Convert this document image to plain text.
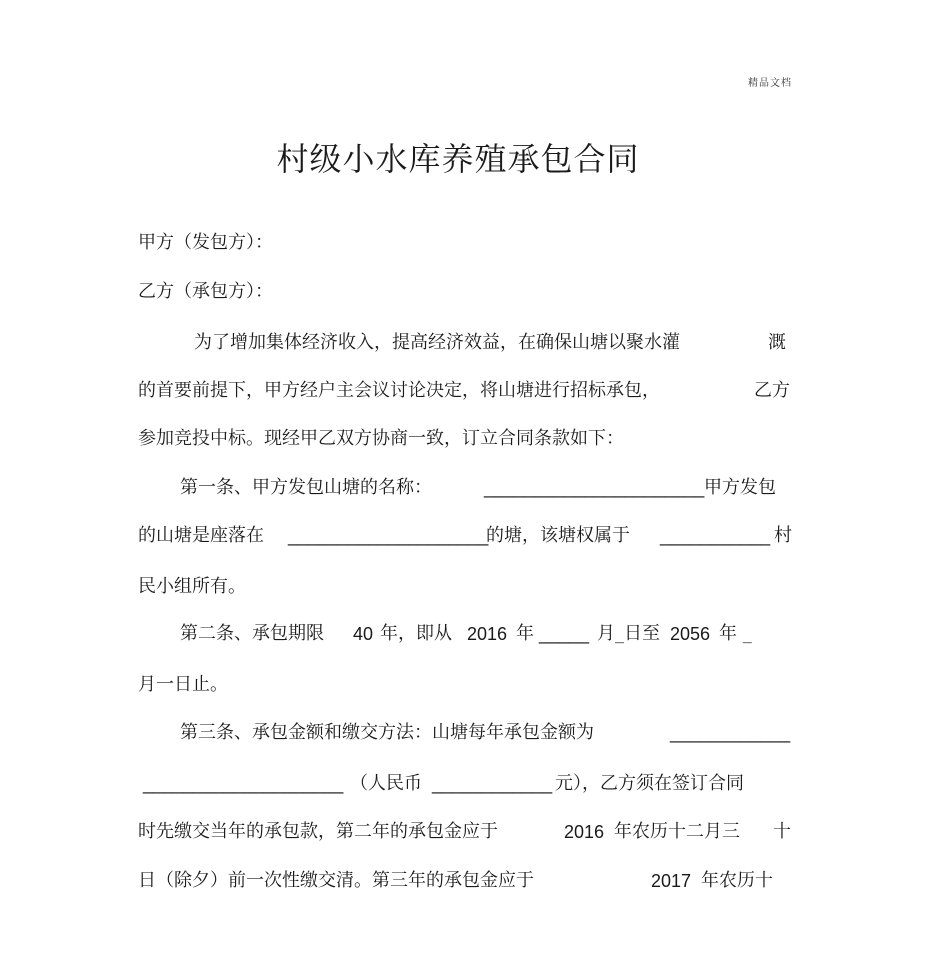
精品文档
村级小水库养殖承包合同
甲方（发包方）：
乙方（承包方）：
为了增加集体经济收入，提高经济效益，在确保山塘以聚水灌	溉
的首要前提下，甲方经户主会议讨论决定，将山塘进行招标承包，	乙方
参加竞投中标。现经甲乙双方协商一致，订立合同条款如下：
第一条、甲方发包山塘的名称：	______________________ 甲方发包
的山塘是座落在 ____________________
的塘，该塘权属于 ___________ 村
民小组所有。
第二条、承包期限 40 年，即从 2016 年 _____ 月_日至 2056 年 _
月一日止。
第三条、承包金额和缴交方法：山塘每年承包金额为	____________
____________________ （人民币 ____________ 元），乙方须在签订合同
时先缴交当年的承包款，第二年的承包金应于	2016 年农历十二月三 十
日（除夕）前一次性缴交清。第三年的承包金应于	2017 年农历十
